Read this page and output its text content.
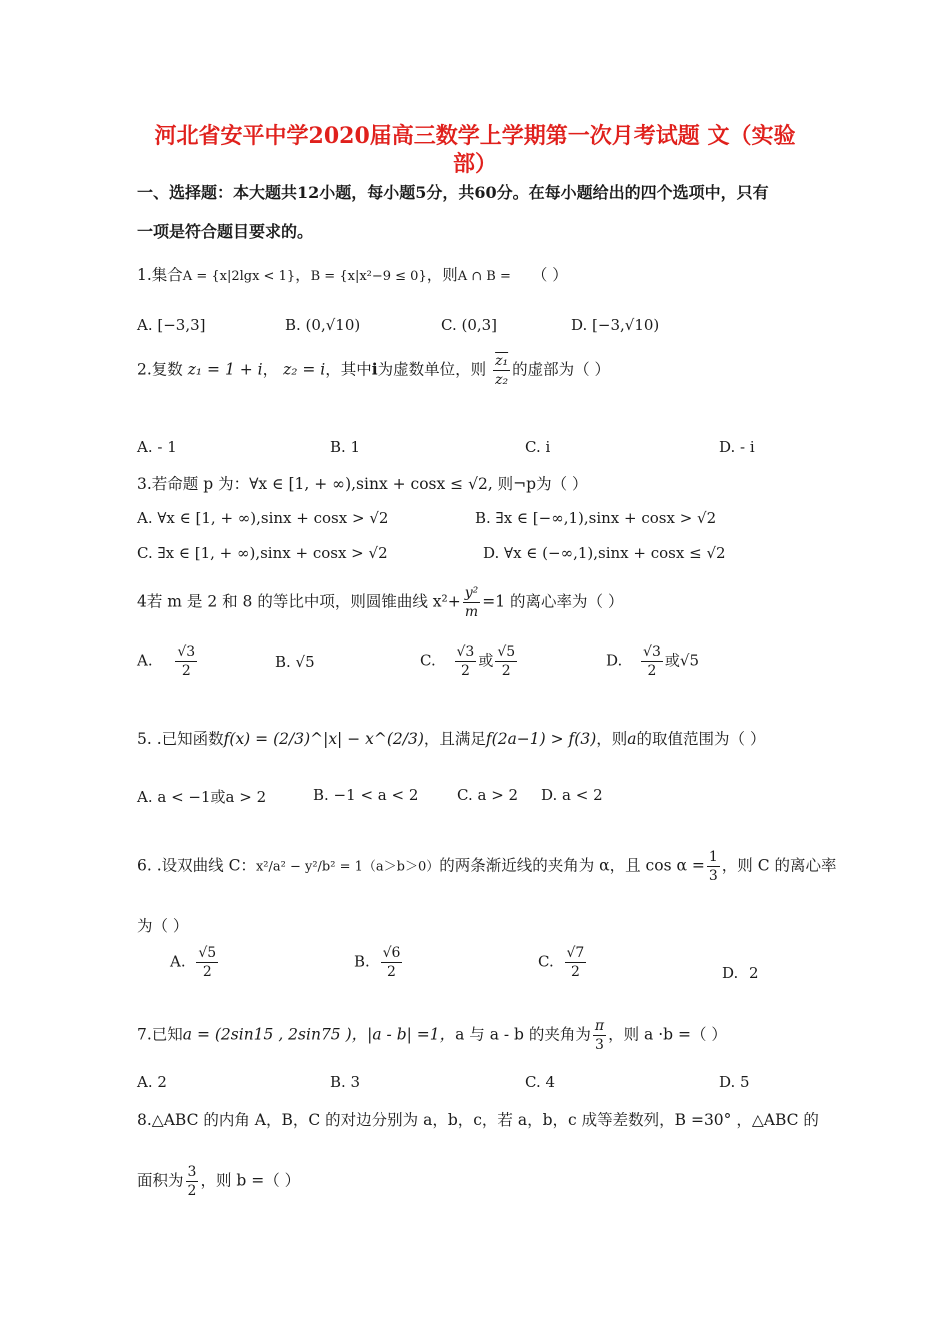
河北省安平中学2020届高三数学上学期第一次月考试题 文（实验
部）
一、选择题：本大题共12小题，每小题5分，共60分。在每小题给出的四个选项中，只有
一项是符合题目要求的。
1.集合A = {x|2lgx < 1}，B = {x|x²−9 ≤ 0}，则A ∩ B = （ ）
A. [−3,3]	B. (0,√10)	C. (0,3]	D. [−3,√10)
2.复数 z₁ = 1 + i， z₂ = i，其中i为虚数单位，则 $\frac{\text{z₁}}{\text{z₂}}$ 的虚部为（ ）
A. - 1	B. 1	C. i	D. - i
3.若命题 p 为：∀x ∈ [1, + ∞),sinx + cosx ≤ √2, 则¬p为（ ）
A. ∀x ∈ [1, + ∞),sinx + cosx > √2	B. ∃x ∈ [−∞,1),sinx + cosx > √2
C. ∃x ∈ [1, + ∞),sinx + cosx > √2	D. ∀x ∈ (−∞,1),sinx + cosx ≤ √2
4若 m 是 2 和 8 的等比中项，则圆锥曲线 $x^2+ \frac{\text{y²}}{m} =1$ 的离心率为（ ）
A. $\frac{√3}{2}$	B. √5	C. $\frac{√3}{2}$ 或 $\frac{√5}{2}$	D. $\frac{√3}{2}$ 或√5
5. .已知函数f(x) = (2/3)^|x| − x^(2/3)，且满足f(2a−1) > f(3)，则a的取值范围为（ ）
A. a < −1或a > 2	B. −1 < a < 2	C. a > 2 D. a < 2
6. .设双曲线 C：x²/a² − y²/b² = 1（a＞b＞0）的两条渐近线的夹角为 α，且 $\cos \alpha = \frac{1}{3}$ ，则 C 的离心率
为（ ）
A. $\frac{√5}{2}$	B. $\frac{√6}{2}$	C. $\frac{√7}{2}$	D. 2
7.已知a = (2sin15 , 2sin75 )，|a - b| =1，a 与 a - b 的夹角为 $\frac{\pi}{3}$ ，则 a ·b =（ ）
A. 2	B. 3	C. 4	D. 5
8.△ABC 的内角 A，B，C 的对边分别为 a，b，c，若 a，b，c 成等差数列，B =30° ，△ABC 的
面积为 $\frac{3}{2}$ ，则 b =（ ）
